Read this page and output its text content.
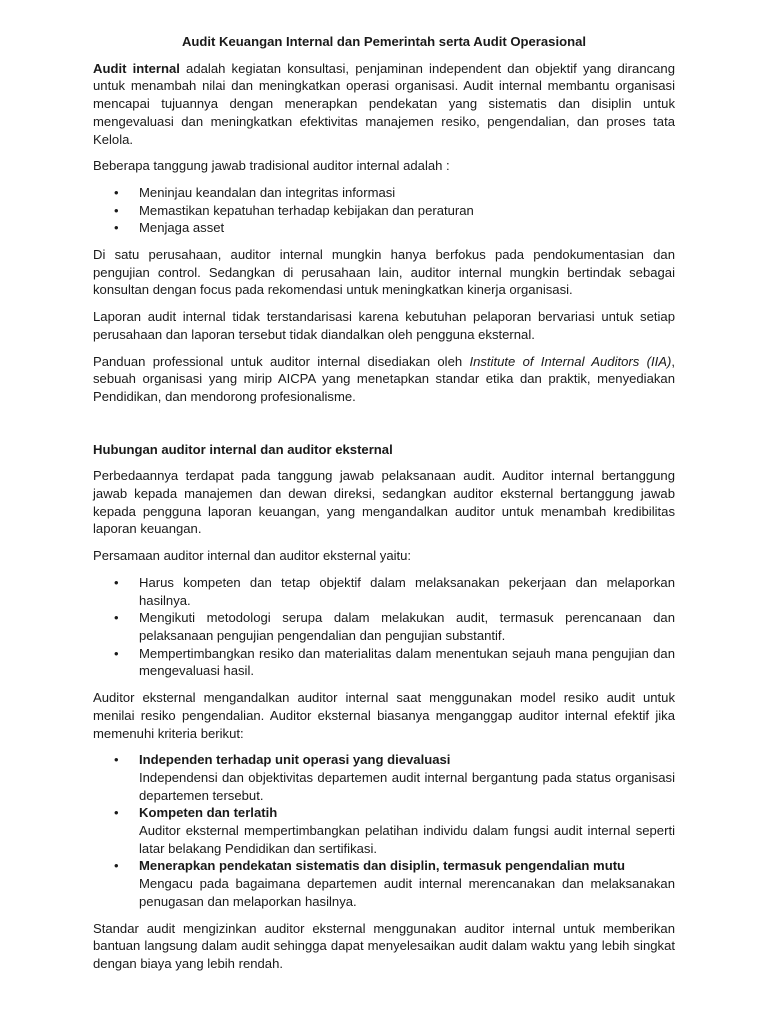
Audit Keuangan Internal dan Pemerintah serta Audit Operasional

Audit internal adalah kegiatan konsultasi, penjaminan independent dan objektif yang dirancang untuk menambah nilai dan meningkatkan operasi organisasi. Audit internal membantu organisasi mencapai tujuannya dengan menerapkan pendekatan yang sistematis dan disiplin untuk mengevaluasi dan meningkatkan efektivitas manajemen resiko, pengendalian, dan proses tata Kelola.

Beberapa tanggung jawab tradisional auditor internal adalah :

• Meninjau keandalan dan integritas informasi
• Memastikan kepatuhan terhadap kebijakan dan peraturan
• Menjaga asset

Di satu perusahaan, auditor internal mungkin hanya berfokus pada pendokumentasian dan pengujian control. Sedangkan di perusahaan lain, auditor internal mungkin bertindak sebagai konsultan dengan focus pada rekomendasi untuk meningkatkan kinerja organisasi.

Laporan audit internal tidak terstandarisasi karena kebutuhan pelaporan bervariasi untuk setiap perusahaan dan laporan tersebut tidak diandalkan oleh pengguna eksternal.

Panduan professional untuk auditor internal disediakan oleh Institute of Internal Auditors (IIA), sebuah organisasi yang mirip AICPA yang menetapkan standar etika dan praktik, menyediakan Pendidikan, dan mendorong profesionalisme.

Hubungan auditor internal dan auditor eksternal

Perbedaannya terdapat pada tanggung jawab pelaksanaan audit. Auditor internal bertanggung jawab kepada manajemen dan dewan direksi, sedangkan auditor eksternal bertanggung jawab kepada pengguna laporan keuangan, yang mengandalkan auditor untuk menambah kredibilitas laporan keuangan.

Persamaan auditor internal dan auditor eksternal yaitu:

• Harus kompeten dan tetap objektif dalam melaksanakan pekerjaan dan melaporkan hasilnya.
• Mengikuti metodologi serupa dalam melakukan audit, termasuk perencanaan dan pelaksanaan pengujian pengendalian dan pengujian substantif.
• Mempertimbangkan resiko dan materialitas dalam menentukan sejauh mana pengujian dan mengevaluasi hasil.

Auditor eksternal mengandalkan auditor internal saat menggunakan model resiko audit untuk menilai resiko pengendalian. Auditor eksternal biasanya menganggap auditor internal efektif jika memenuhi kriteria berikut:

• Independen terhadap unit operasi yang dievaluasi
Independensi dan objektivitas departemen audit internal bergantung pada status organisasi departemen tersebut.
• Kompeten dan terlatih
Auditor eksternal mempertimbangkan pelatihan individu dalam fungsi audit internal seperti latar belakang Pendidikan dan sertifikasi.
• Menerapkan pendekatan sistematis dan disiplin, termasuk pengendalian mutu
Mengacu pada bagaimana departemen audit internal merencanakan dan melaksanakan penugasan dan melaporkan hasilnya.

Standar audit mengizinkan auditor eksternal menggunakan auditor internal untuk memberikan bantuan langsung dalam audit sehingga dapat menyelesaikan audit dalam waktu yang lebih singkat dengan biaya yang lebih rendah.
